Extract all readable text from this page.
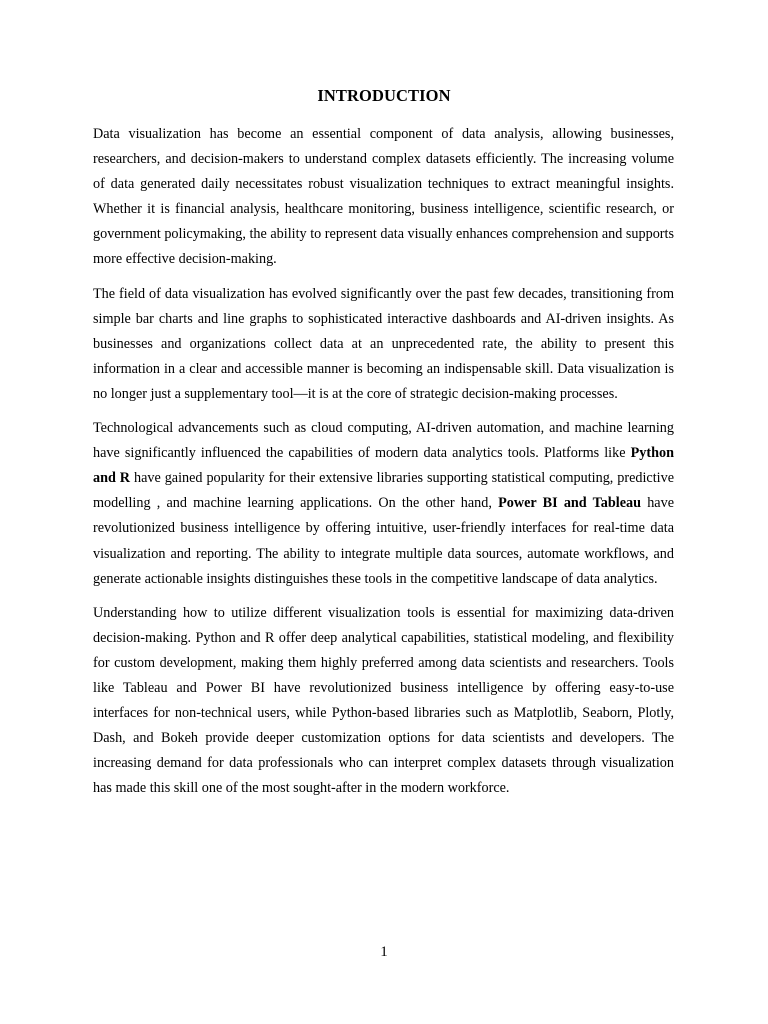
INTRODUCTION

Data visualization has become an essential component of data analysis, allowing businesses, researchers, and decision-makers to understand complex datasets efficiently. The increasing volume of data generated daily necessitates robust visualization techniques to extract meaningful insights. Whether it is financial analysis, healthcare monitoring, business intelligence, scientific research, or government policymaking, the ability to represent data visually enhances comprehension and supports more effective decision-making.

The field of data visualization has evolved significantly over the past few decades, transitioning from simple bar charts and line graphs to sophisticated interactive dashboards and AI-driven insights. As businesses and organizations collect data at an unprecedented rate, the ability to present this information in a clear and accessible manner is becoming an indispensable skill. Data visualization is no longer just a supplementary tool—it is at the core of strategic decision-making processes.

Technological advancements such as cloud computing, AI-driven automation, and machine learning have significantly influenced the capabilities of modern data analytics tools. Platforms like Python and R have gained popularity for their extensive libraries supporting statistical computing, predictive modelling , and machine learning applications. On the other hand, Power BI and Tableau have revolutionized business intelligence by offering intuitive, user-friendly interfaces for real-time data visualization and reporting. The ability to integrate multiple data sources, automate workflows, and generate actionable insights distinguishes these tools in the competitive landscape of data analytics.

Understanding how to utilize different visualization tools is essential for maximizing data-driven decision-making. Python and R offer deep analytical capabilities, statistical modeling, and flexibility for custom development, making them highly preferred among data scientists and researchers. Tools like Tableau and Power BI have revolutionized business intelligence by offering easy-to-use interfaces for non-technical users, while Python-based libraries such as Matplotlib, Seaborn, Plotly, Dash, and Bokeh provide deeper customization options for data scientists and developers. The increasing demand for data professionals who can interpret complex datasets through visualization has made this skill one of the most sought-after in the modern workforce.

1
